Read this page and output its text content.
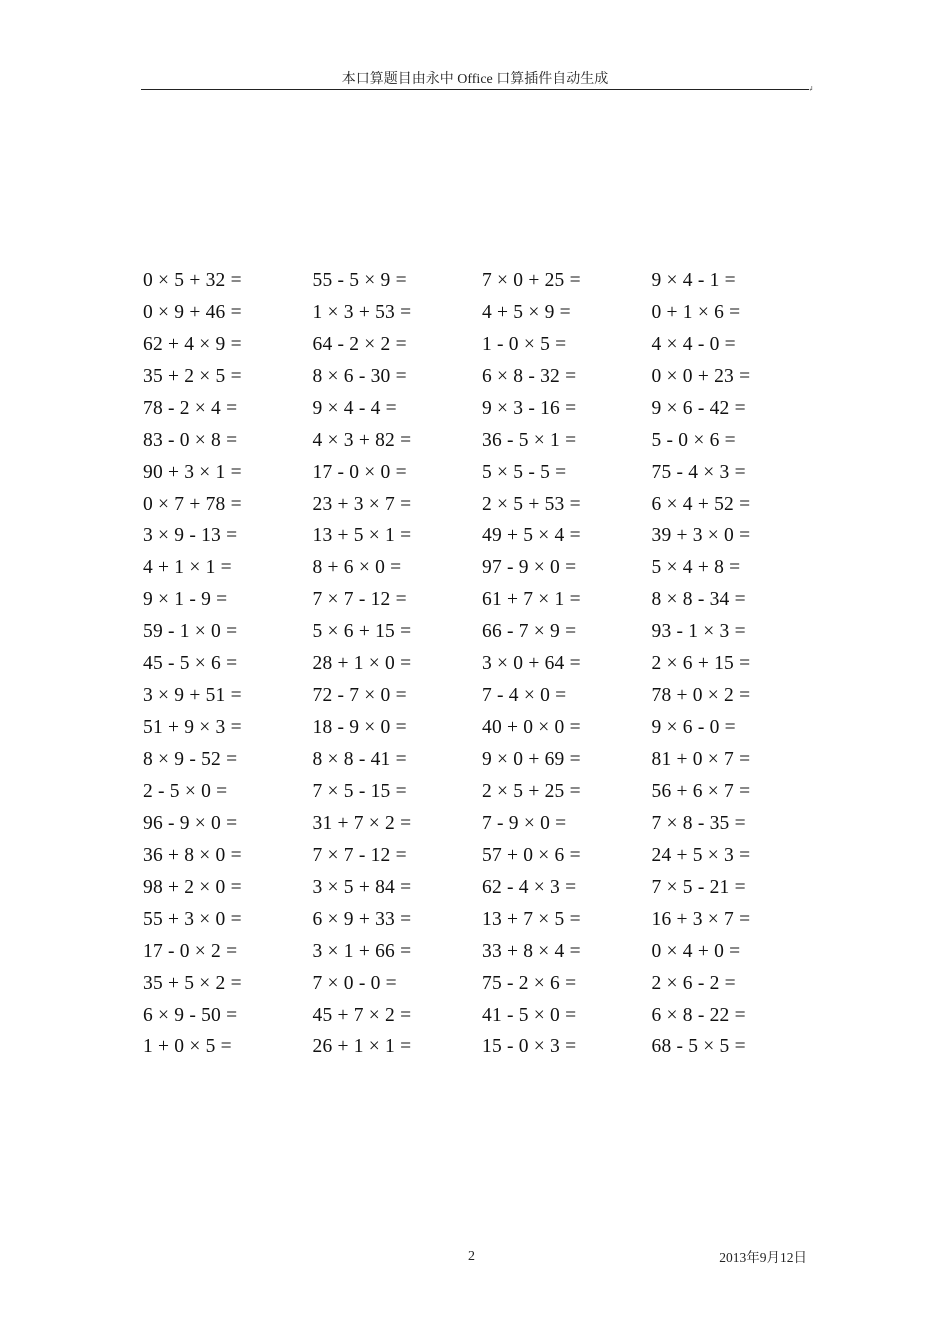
本口算题目由永中 Office 口算插件自动生成
↲
0 × 5 + 32 =	55 - 5 × 9 =	7 × 0 + 25 =	9 × 4 - 1 =
0 × 9 + 46 =	1 × 3 + 53 =	4 + 5 × 9 =	0 + 1 × 6 =
62 + 4 × 9 =	64 - 2 × 2 =	1 - 0 × 5 =	4 × 4 - 0 =
35 + 2 × 5 =	8 × 6 - 30 =	6 × 8 - 32 =	0 × 0 + 23 =
78 - 2 × 4 =	9 × 4 - 4 =	9 × 3 - 16 =	9 × 6 - 42 =
83 - 0 × 8 =	4 × 3 + 82 =	36 - 5 × 1 =	5 - 0 × 6 =
90 + 3 × 1 =	17 - 0 × 0 =	5 × 5 - 5 =	75 - 4 × 3 =
0 × 7 + 78 =	23 + 3 × 7 =	2 × 5 + 53 =	6 × 4 + 52 =
3 × 9 - 13 =	13 + 5 × 1 =	49 + 5 × 4 =	39 + 3 × 0 =
4 + 1 × 1 =	8 + 6 × 0 =	97 - 9 × 0 =	5 × 4 + 8 =
9 × 1 - 9 =	7 × 7 - 12 =	61 + 7 × 1 =	8 × 8 - 34 =
59 - 1 × 0 =	5 × 6 + 15 =	66 - 7 × 9 =	93 - 1 × 3 =
45 - 5 × 6 =	28 + 1 × 0 =	3 × 0 + 64 =	2 × 6 + 15 =
3 × 9 + 51 =	72 - 7 × 0 =	7 - 4 × 0 =	78 + 0 × 2 =
51 + 9 × 3 =	18 - 9 × 0 =	40 + 0 × 0 =	9 × 6 - 0 =
8 × 9 - 52 =	8 × 8 - 41 =	9 × 0 + 69 =	81 + 0 × 7 =
2 - 5 × 0 =	7 × 5 - 15 =	2 × 5 + 25 =	56 + 6 × 7 =
96 - 9 × 0 =	31 + 7 × 2 =	7 - 9 × 0 =	7 × 8 - 35 =
36 + 8 × 0 =	7 × 7 - 12 =	57 + 0 × 6 =	24 + 5 × 3 =
98 + 2 × 0 =	3 × 5 + 84 =	62 - 4 × 3 =	7 × 5 - 21 =
55 + 3 × 0 =	6 × 9 + 33 =	13 + 7 × 5 =	16 + 3 × 7 =
17 - 0 × 2 =	3 × 1 + 66 =	33 + 8 × 4 =	0 × 4 + 0 =
35 + 5 × 2 =	7 × 0 - 0 =	75 - 2 × 6 =	2 × 6 - 2 =
6 × 9 - 50 =	45 + 7 × 2 =	41 - 5 × 0 =	6 × 8 - 22 =
1 + 0 × 5 =	26 + 1 × 1 =	15 - 0 × 3 =	68 - 5 × 5 =
2	2013年9月12日
